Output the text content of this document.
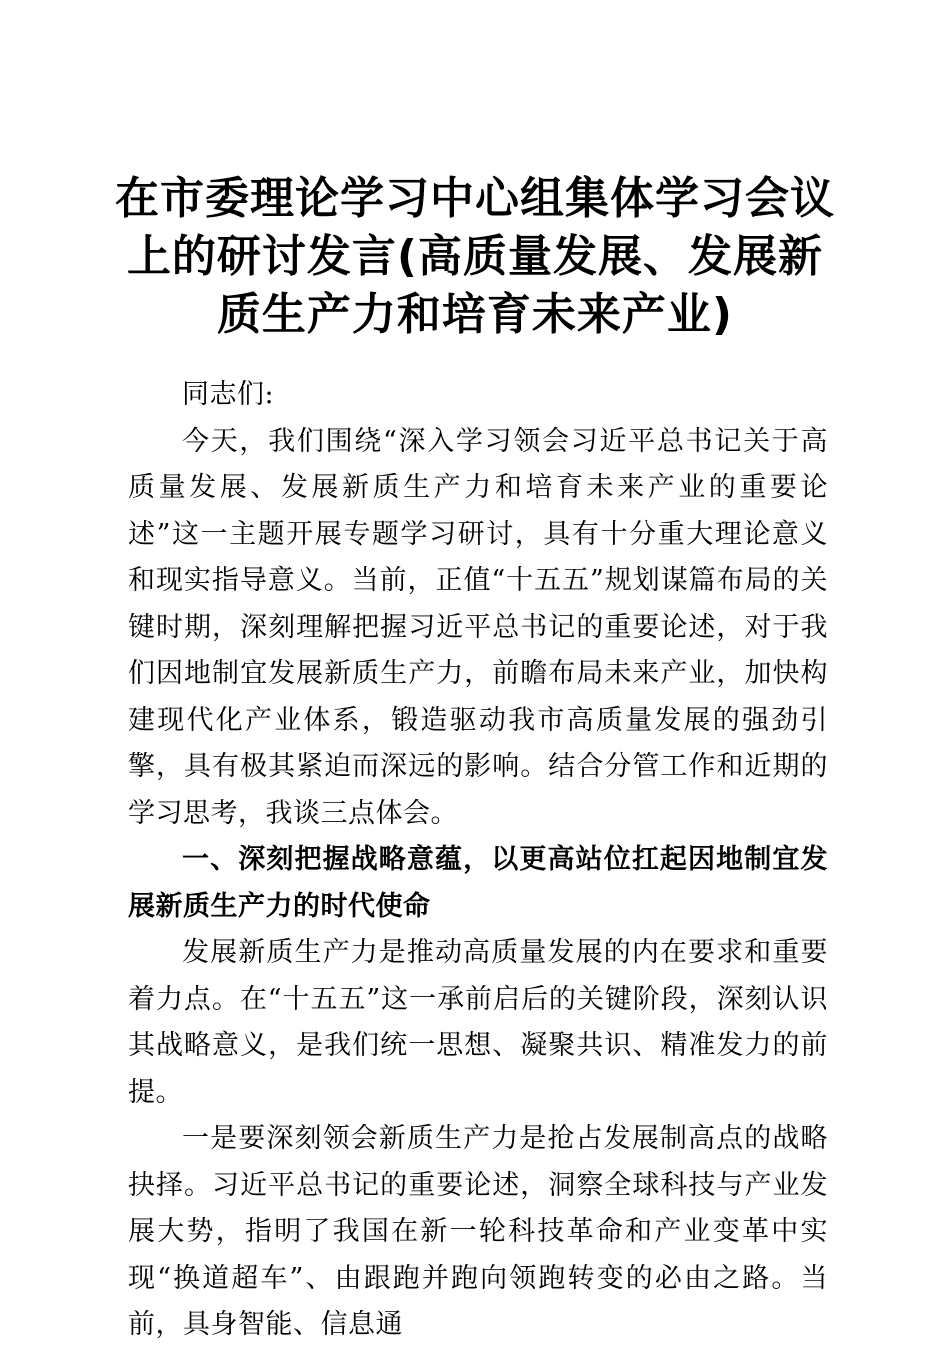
在市委理论学习中心组集体学习会议上的研讨发言(高质量发展、发展新质生产力和培育未来产业)

同志们:

今天，我们围绕“深入学习领会习近平总书记关于高质量发展、发展新质生产力和培育未来产业的重要论述”这一主题开展专题学习研讨，具有十分重大理论意义和现实指导意义。当前，正值“十五五”规划谋篇布局的关键时期，深刻理解把握习近平总书记的重要论述，对于我们因地制宜发展新质生产力，前瞻布局未来产业，加快构建现代化产业体系，锻造驱动我市高质量发展的强劲引擎，具有极其紧迫而深远的影响。结合分管工作和近期的学习思考，我谈三点体会。

一、深刻把握战略意蕴，以更高站位扛起因地制宜发展新质生产力的时代使命

发展新质生产力是推动高质量发展的内在要求和重要着力点。在“十五五”这一承前启后的关键阶段，深刻认识其战略意义，是我们统一思想、凝聚共识、精准发力的前提。

一是要深刻领会新质生产力是抢占发展制高点的战略抉择。习近平总书记的重要论述，洞察全球科技与产业发展大势，指明了我国在新一轮科技革命和产业变革中实现“换道超车”、由跟跑并跑向领跑转变的必由之路。当前，具身智能、信息通
